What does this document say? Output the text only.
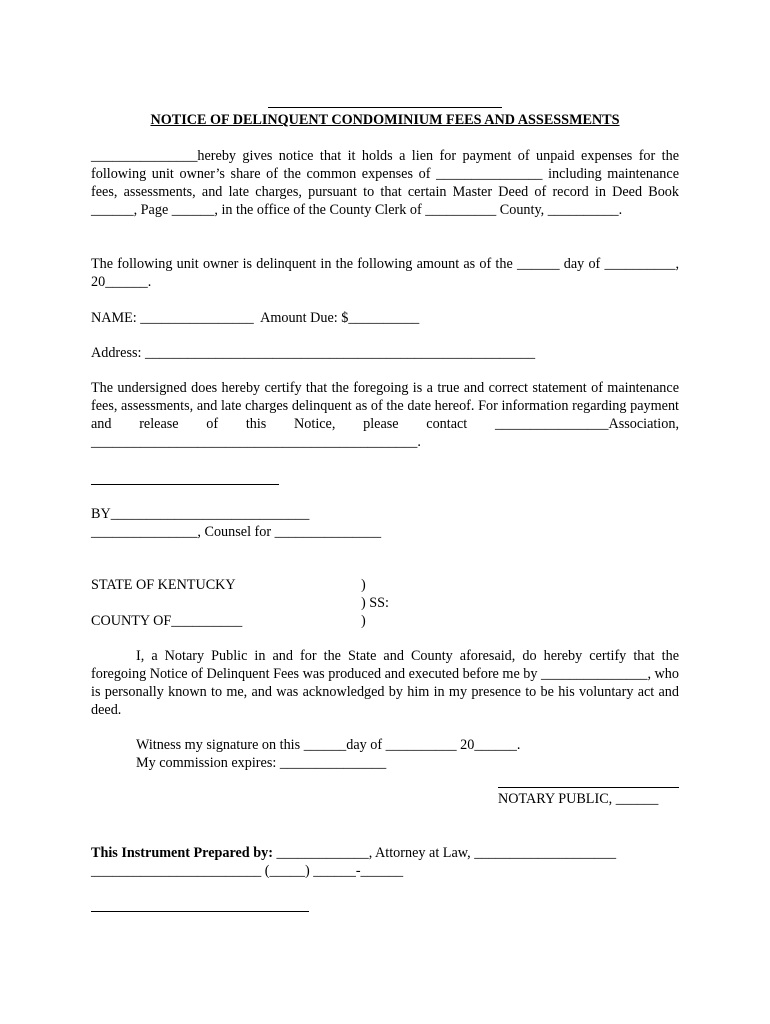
NOTICE OF DELINQUENT CONDOMINIUM FEES AND ASSESSMENTS

_______________hereby gives notice that it holds a lien for payment of unpaid expenses for the following unit owner’s share of the common expenses of _______________ including maintenance fees, assessments, and late charges, pursuant to that certain Master Deed of record in Deed Book ______, Page ______, in the office of the County Clerk of __________ County, __________.

The following unit owner is delinquent in the following amount as of the ______ day of __________, 20______.

NAME: ________________  Amount Due: $__________
Address: _______________________________________________________

The undersigned does hereby certify that the foregoing is a true and correct statement of maintenance fees, assessments, and late charges delinquent as of the date hereof. For information regarding payment and release of this Notice, please contact ________________Association, ______________________________________________.

BY____________________________
_______________, Counsel for _______________
STATE OF KENTUCKY
COUNTY OF__________
)
) SS:
)

I, a Notary Public in and for the State and County aforesaid, do hereby certify that the foregoing Notice of Delinquent Fees was produced and executed before me by _______________, who is personally known to me, and was acknowledged by him in my presence to be his voluntary act and deed.

Witness my signature on this ______day of __________ 20______.
My commission expires: _______________
NOTARY PUBLIC, ______
This Instrument Prepared by: _____________, Attorney at Law, ____________________
________________________ (_____) ______-______
